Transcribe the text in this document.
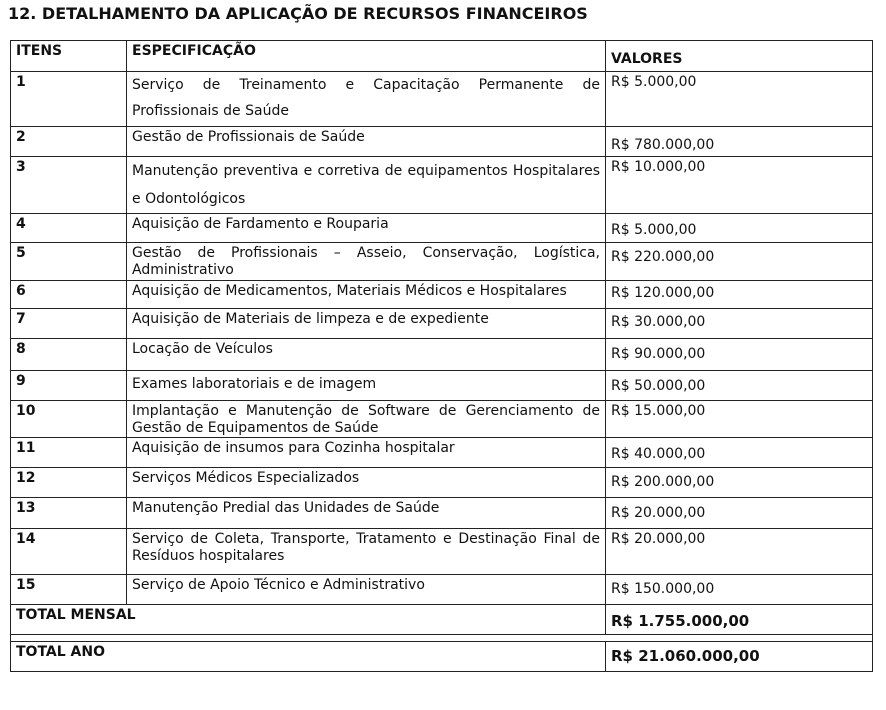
12. DETALHAMENTO DA APLICAÇÃO DE RECURSOS FINANCEIROS
ITENS	ESPECIFICAÇÃO	VALORES
1	Serviço de Treinamento e Capacitação Permanente de Profissionais de Saúde	R$ 5.000,00
2	Gestão de Profissionais de Saúde	R$ 780.000,00
3	Manutenção preventiva e corretiva de equipamentos Hospitalares e Odontológicos	R$ 10.000,00
4	Aquisição de Fardamento e Rouparia	R$ 5.000,00
5	Gestão de Profissionais – Asseio, Conservação, Logística, Administrativo	R$ 220.000,00
6	Aquisição de Medicamentos, Materiais Médicos e Hospitalares	R$ 120.000,00
7	Aquisição de Materiais de limpeza e de expediente	R$ 30.000,00
8	Locação de Veículos	R$ 90.000,00
9	Exames laboratoriais e de imagem	R$ 50.000,00
10	Implantação e Manutenção de Software de Gerenciamento de Gestão de Equipamentos de Saúde	R$ 15.000,00
11	Aquisição de insumos para Cozinha hospitalar	R$ 40.000,00
12	Serviços Médicos Especializados	R$ 200.000,00
13	Manutenção Predial das Unidades de Saúde	R$ 20.000,00
14	Serviço de Coleta, Transporte, Tratamento e Destinação Final de Resíduos hospitalares	R$ 20.000,00
15	Serviço de Apoio Técnico e Administrativo	R$ 150.000,00
TOTAL MENSAL		R$ 1.755.000,00

TOTAL ANO		R$ 21.060.000,00
